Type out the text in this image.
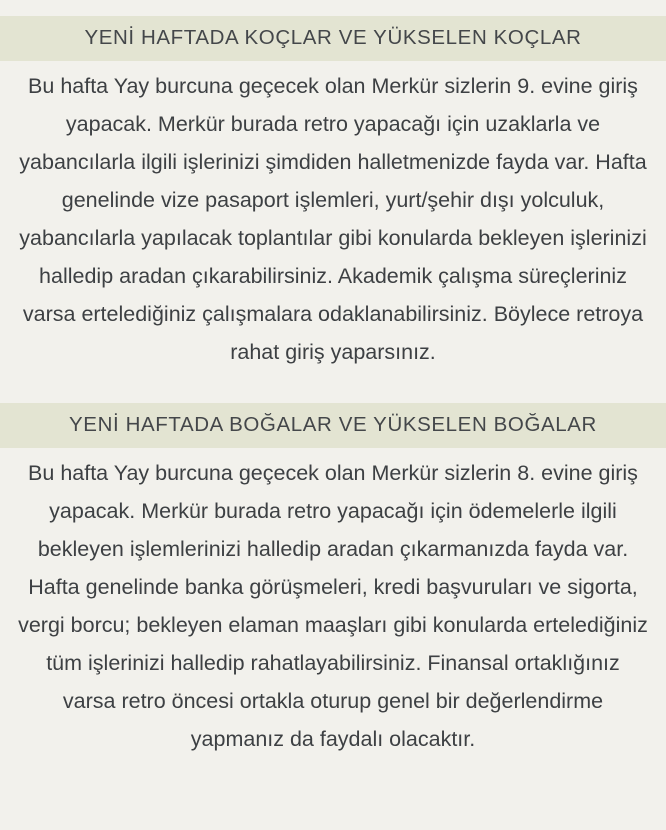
YENİ HAFTADA KOÇLAR VE YÜKSELEN KOÇLAR
Bu hafta Yay burcuna geçecek olan Merkür sizlerin 9. evine giriş yapacak. Merkür burada retro yapacağı için uzaklarla ve yabancılarla ilgili işlerinizi şimdiden halletmenizde fayda var. Hafta genelinde vize pasaport işlemleri, yurt/şehir dışı yolculuk, yabancılarla yapılacak toplantılar gibi konularda bekleyen işlerinizi halledip aradan çıkarabilirsiniz. Akademik çalışma süreçleriniz varsa ertelediğiniz çalışmalara odaklanabilirsiniz. Böylece retroya rahat giriş yaparsınız.
YENİ HAFTADA BOĞALAR VE YÜKSELEN BOĞALAR
Bu hafta Yay burcuna geçecek olan Merkür sizlerin 8. evine giriş yapacak. Merkür burada retro yapacağı için ödemelerle ilgili bekleyen işlemlerinizi halledip aradan çıkarmanızda fayda var. Hafta genelinde banka görüşmeleri, kredi başvuruları ve sigorta, vergi borcu; bekleyen elaman maaşları gibi konularda ertelediğiniz tüm işlerinizi halledip rahatlayabilirsiniz. Finansal ortaklığınız varsa retro öncesi ortakla oturup genel bir değerlendirme yapmanız da faydalı olacaktır.
